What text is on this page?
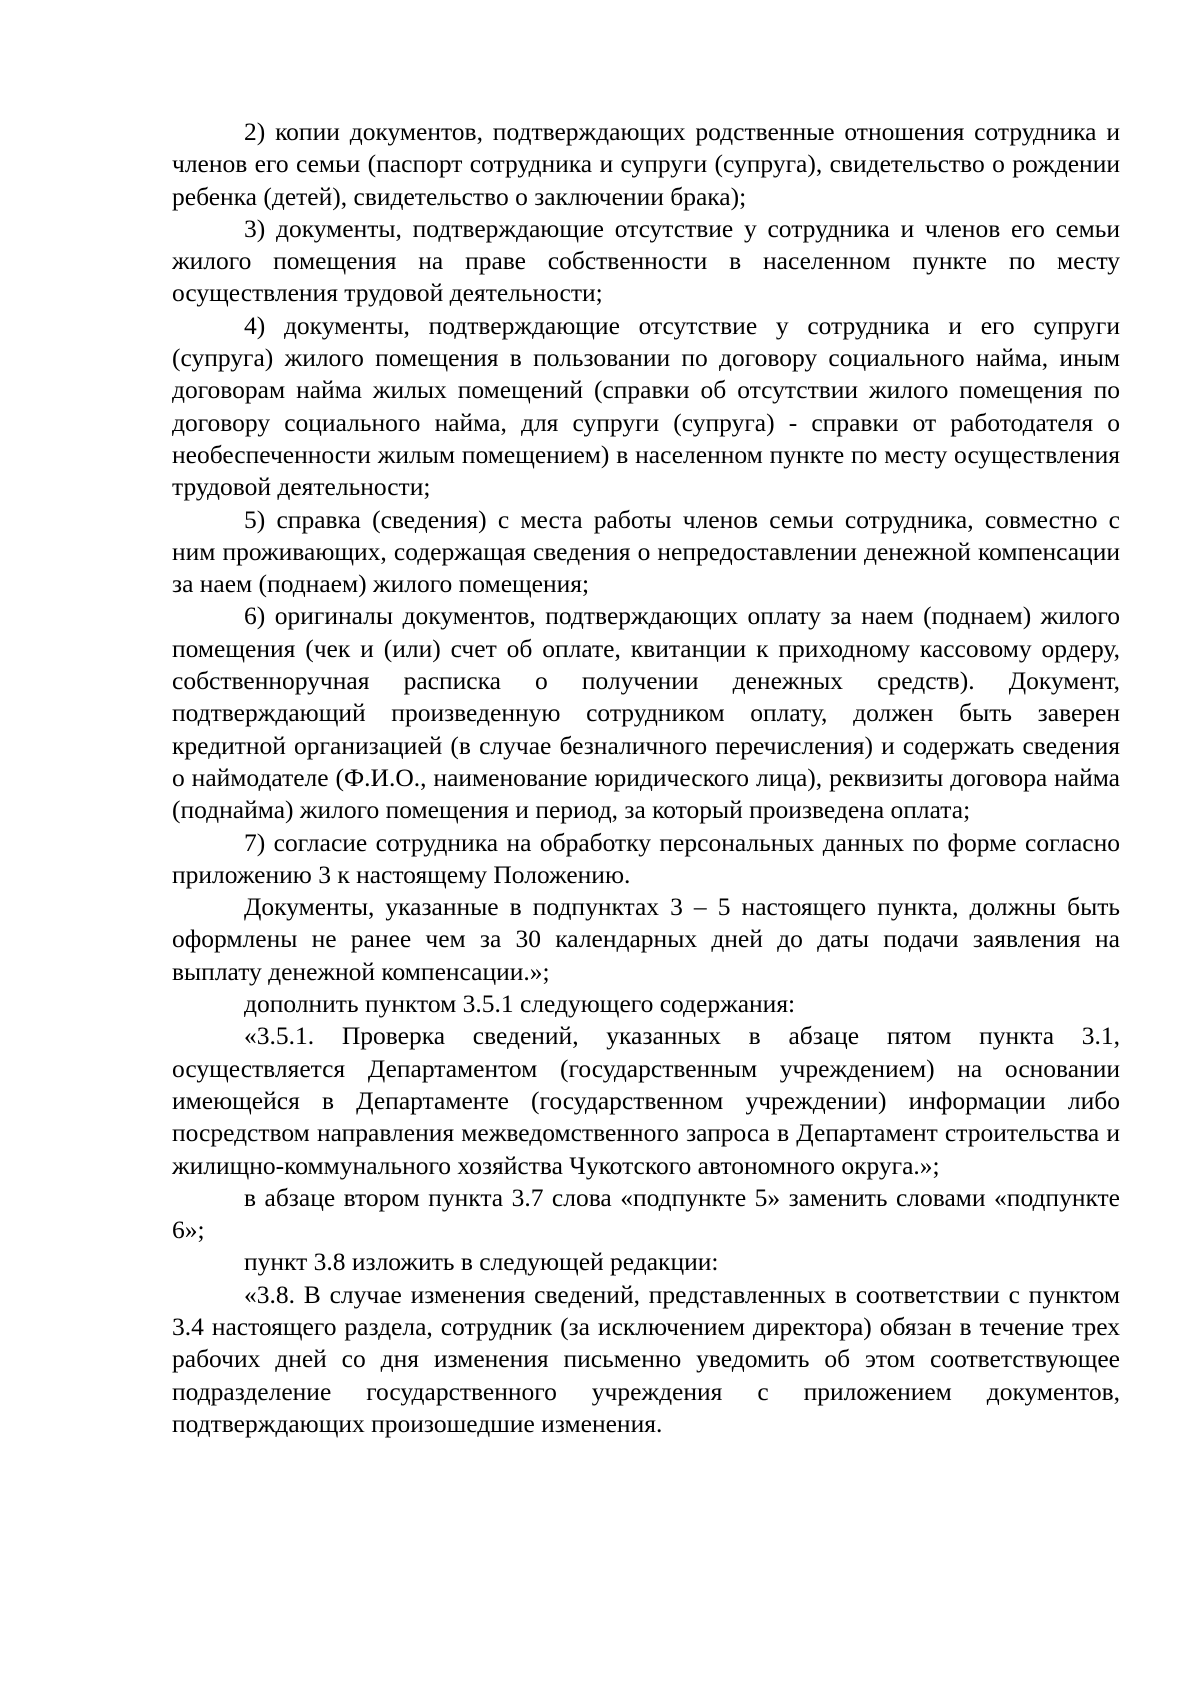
2) копии документов, подтверждающих родственные отношения сотрудника и членов его семьи (паспорт сотрудника и супруги (супруга), свидетельство о рождении ребенка (детей), свидетельство о заключении брака);

3) документы, подтверждающие отсутствие у сотрудника и членов его семьи жилого помещения на праве собственности в населенном пункте по месту осуществления трудовой деятельности;

4) документы, подтверждающие отсутствие у сотрудника и его супруги (супруга) жилого помещения в пользовании по договору социального найма, иным договорам найма жилых помещений (справки об отсутствии жилого помещения по договору социального найма, для супруги (супруга) - справки от работодателя о необеспеченности жилым помещением) в населенном пункте по месту осуществления трудовой деятельности;

5) справка (сведения) с места работы членов семьи сотрудника, совместно с ним проживающих, содержащая сведения о непредоставлении денежной компенсации за наем (поднаем) жилого помещения;

6) оригиналы документов, подтверждающих оплату за наем (поднаем) жилого помещения (чек и (или) счет об оплате, квитанции к приходному кассовому ордеру, собственноручная расписка о получении денежных средств). Документ, подтверждающий произведенную сотрудником оплату, должен быть заверен кредитной организацией (в случае безналичного перечисления) и содержать сведения о наймодателе (Ф.И.О., наименование юридического лица), реквизиты договора найма (поднайма) жилого помещения и период, за который произведена оплата;

7) согласие сотрудника на обработку персональных данных по форме согласно приложению 3 к настоящему Положению.

Документы, указанные в подпунктах 3 – 5 настоящего пункта, должны быть оформлены не ранее чем за 30 календарных дней до даты подачи заявления на выплату денежной компенсации.»;

дополнить пунктом 3.5.1 следующего содержания:

«3.5.1. Проверка сведений, указанных в абзаце пятом пункта 3.1, осуществляется Департаментом (государственным учреждением) на основании имеющейся в Департаменте (государственном учреждении) информации либо посредством направления межведомственного запроса в Департамент строительства и жилищно-коммунального хозяйства Чукотского автономного округа.»;

в абзаце втором пункта 3.7 слова «подпункте 5» заменить словами «подпункте 6»;

пункт 3.8 изложить в следующей редакции:

«3.8. В случае изменения сведений, представленных в соответствии с пунктом 3.4 настоящего раздела, сотрудник (за исключением директора) обязан в течение трех рабочих дней со дня изменения письменно уведомить об этом соответствующее подразделение государственного учреждения с приложением документов, подтверждающих произошедшие изменения.
